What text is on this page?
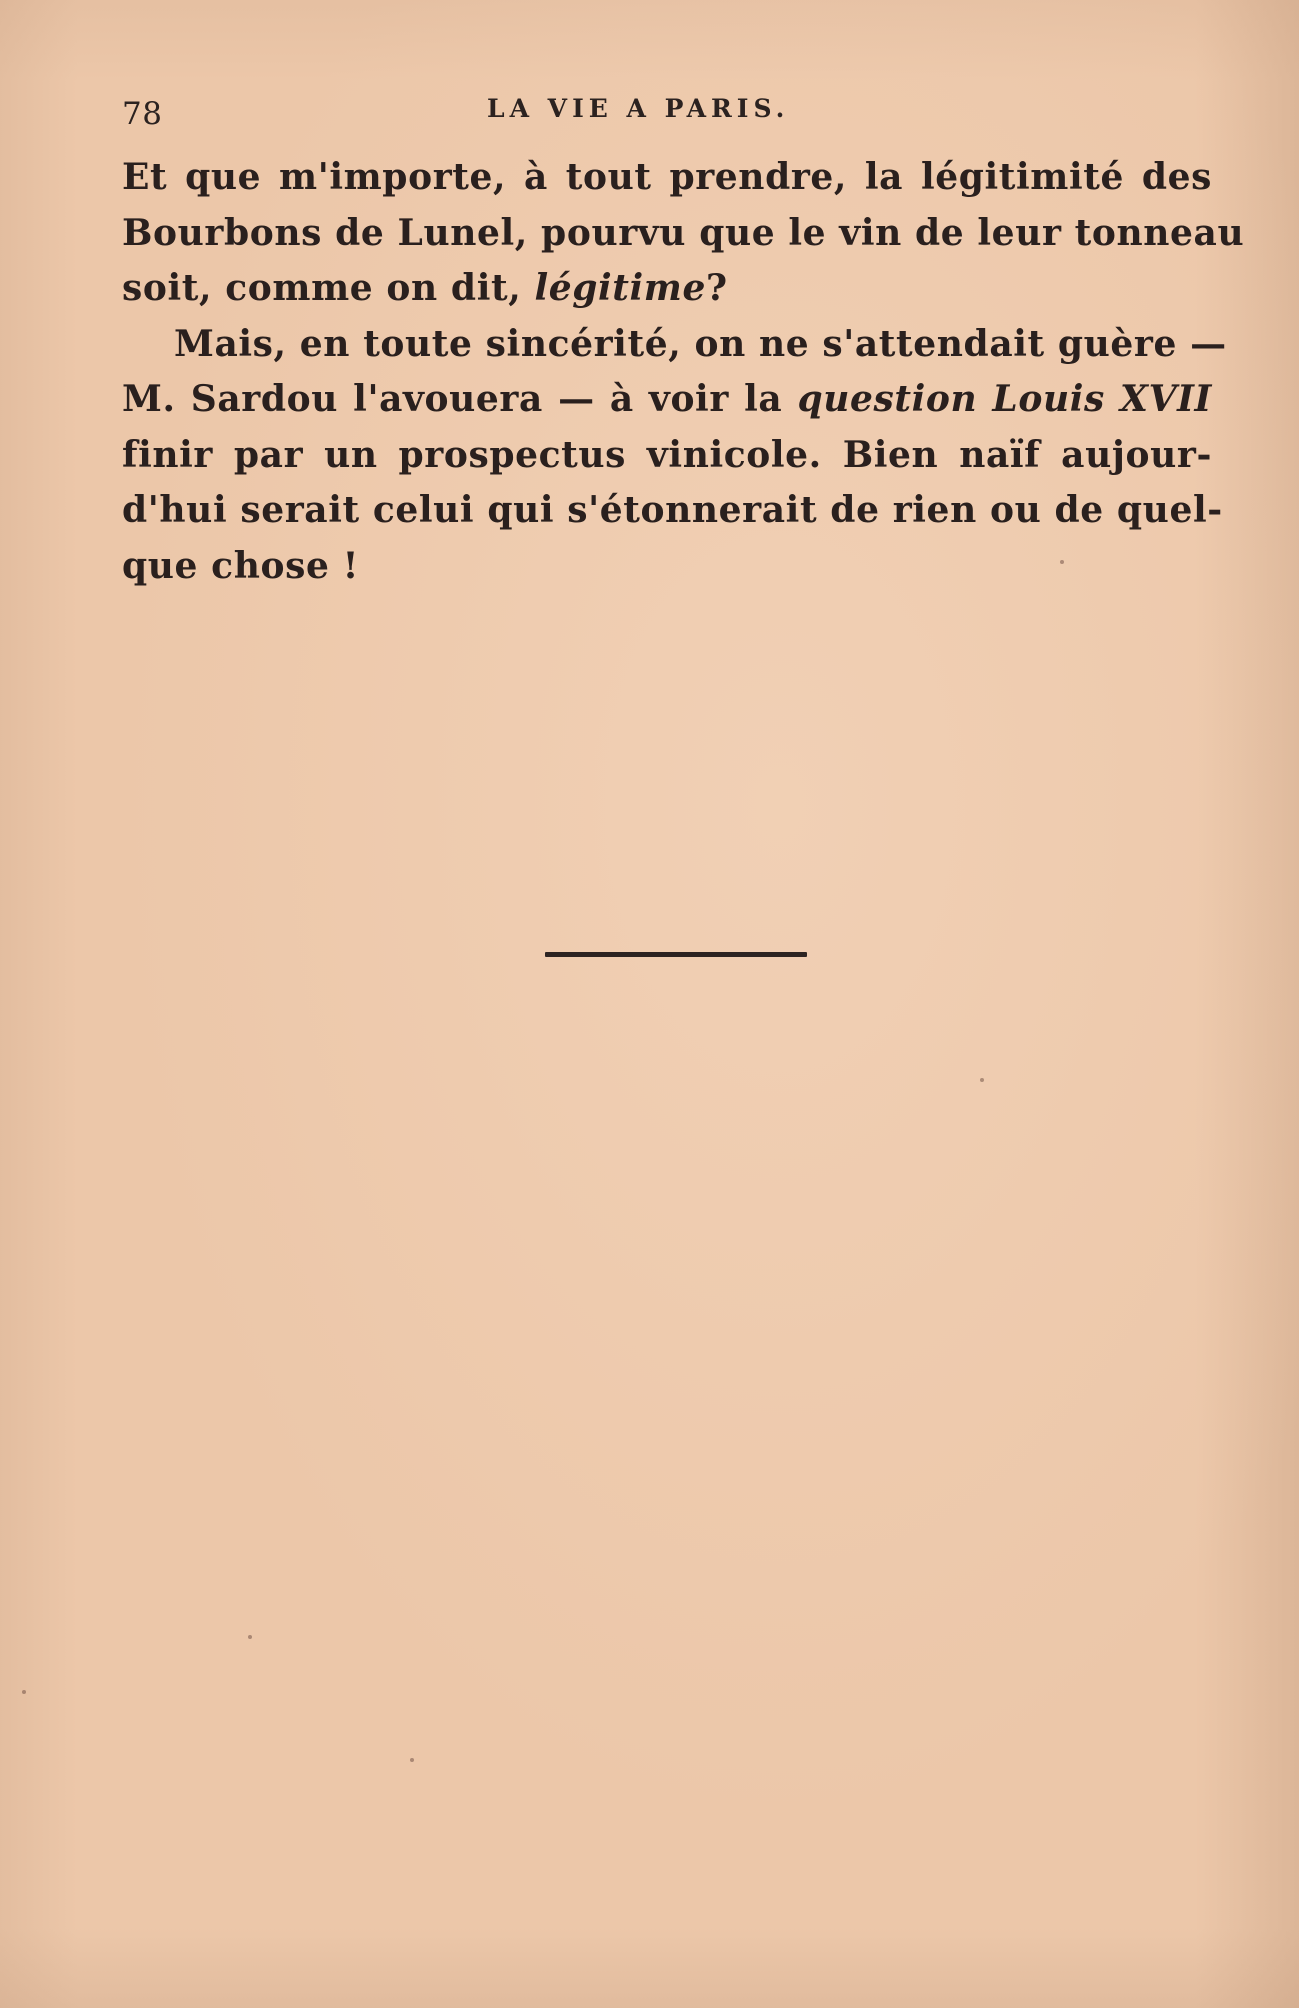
78	LA VIE A PARIS.
Et que m'importe, à tout prendre, la légitimité des
Bourbons de Lunel, pourvu que le vin de leur tonneau
soit, comme on dit, légitime?
Mais, en toute sincérité, on ne s'attendait guère —
M. Sardou l'avouera — à voir la question Louis XVII
finir par un prospectus vinicole. Bien naïf aujour-
d'hui serait celui qui s'étonnerait de rien ou de quel-
que chose !
